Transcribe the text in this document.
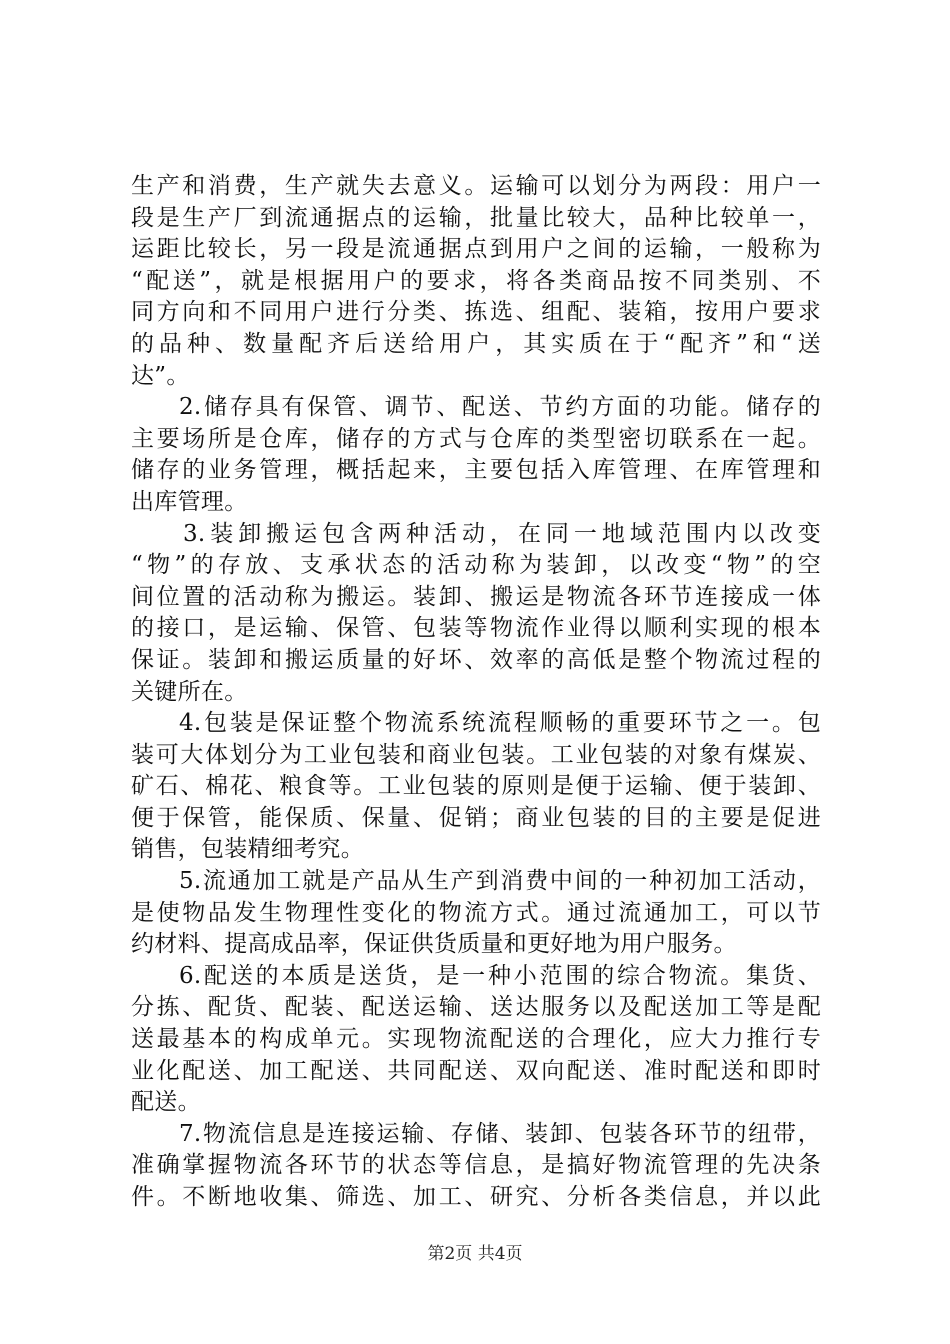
生产和消费，生产就失去意义。运输可以划分为两段：用户一
段是生产厂到流通据点的运输，批量比较大，品种比较单一，
运距比较长，另一段是流通据点到用户之间的运输，一般称为
“配送”，就是根据用户的要求，将各类商品按不同类别、不
同方向和不同用户进行分类、拣选、组配、装箱，按用户要求
的品种、数量配齐后送给用户，其实质在于“配齐”和“送
达”。
2.储存具有保管、调节、配送、节约方面的功能。储存的
主要场所是仓库，储存的方式与仓库的类型密切联系在一起。
储存的业务管理，概括起来，主要包括入库管理、在库管理和
出库管理。
3.装卸搬运包含两种活动，在同一地域范围内以改变
“物”的存放、支承状态的活动称为装卸，以改变“物”的空
间位置的活动称为搬运。装卸、搬运是物流各环节连接成一体
的接口，是运输、保管、包装等物流作业得以顺利实现的根本
保证。装卸和搬运质量的好坏、效率的高低是整个物流过程的
关键所在。
4.包装是保证整个物流系统流程顺畅的重要环节之一。包
装可大体划分为工业包装和商业包装。工业包装的对象有煤炭、
矿石、棉花、粮食等。工业包装的原则是便于运输、便于装卸、
便于保管，能保质、保量、促销；商业包装的目的主要是促进
销售，包装精细考究。
5.流通加工就是产品从生产到消费中间的一种初加工活动，
是使物品发生物理性变化的物流方式。通过流通加工，可以节
约材料、提高成品率，保证供货质量和更好地为用户服务。
6.配送的本质是送货，是一种小范围的综合物流。集货、
分拣、配货、配装、配送运输、送达服务以及配送加工等是配
送最基本的构成单元。实现物流配送的合理化，应大力推行专
业化配送、加工配送、共同配送、双向配送、准时配送和即时
配送。
7.物流信息是连接运输、存储、装卸、包装各环节的纽带，
准确掌握物流各环节的状态等信息，是搞好物流管理的先决条
件。不断地收集、筛选、加工、研究、分析各类信息，并以此
第2页 共4页
